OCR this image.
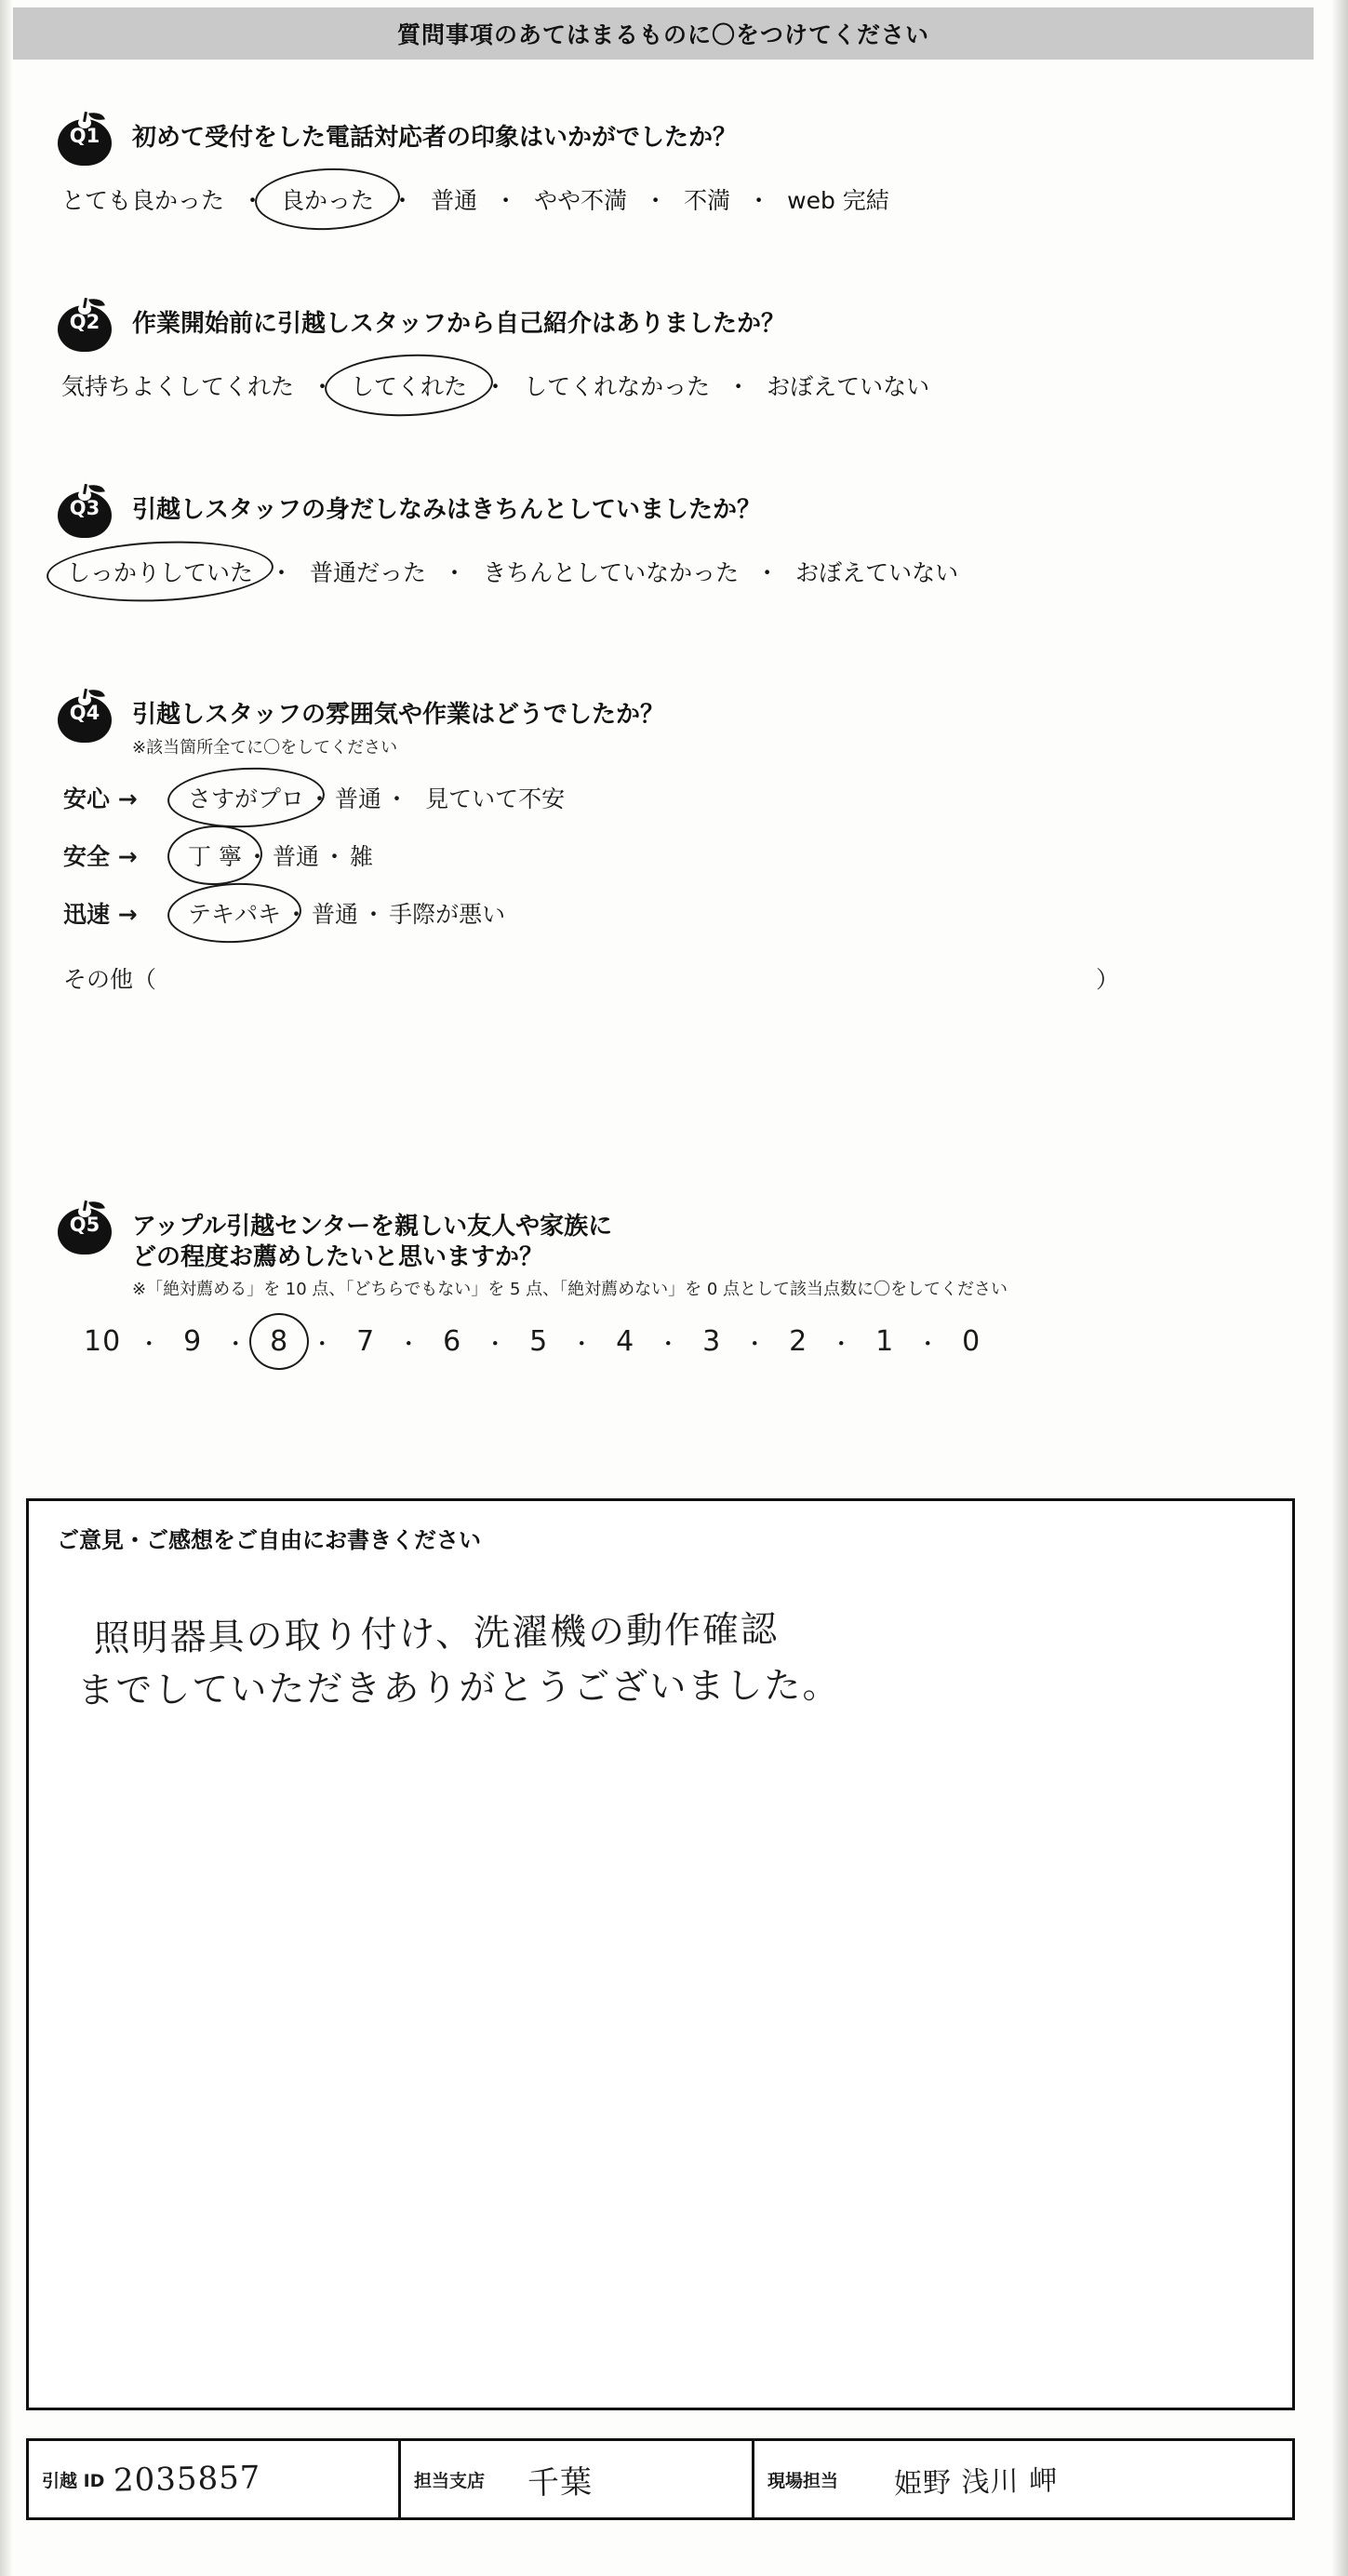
質問事項のあてはまるものに〇をつけてください
Q1	初めて受付をした電話対応者の印象はいかがでしたか？
とても良かった ・ 良かった ・ 普通 ・ やや不満 ・ 不満 ・ web 完結
Q2	作業開始前に引越しスタッフから自己紹介はありましたか？
気持ちよくしてくれた ・ してくれた ・ してくれなかった ・ おぼえていない
Q3	引越しスタッフの身だしなみはきちんとしていましたか？
しっかりしていた ・ 普通だった ・ きちんとしていなかった ・ おぼえていない
Q4	引越しスタッフの雰囲気や作業はどうでしたか？
※該当箇所全てに〇をしてください
安心 →	さすがプロ ・ 普通 ・ 見ていて不安
安全 →	丁 寧 ・ 普通 ・ 雑
迅速 →	テキパキ ・ 普通 ・ 手際が悪い
その他（	）
Q5	アップル引越センターを親しい友人や家族に
どの程度お薦めしたいと思いますか？
※「絶対薦める」を 10 点、「どちらでもない」を 5 点、「絶対薦めない」を 0 点として該当点数に〇をしてください
10 ・ 9 ・ 8 ・ 7 ・ 6 ・ 5 ・ 4 ・ 3 ・ 2 ・ 1 ・ 0
ご意見・ご感想をご自由にお書きください
照明器具の取り付け、洗濯機の動作確認
までしていただきありがとうございました。
引越 ID 2035857	担当支店 千葉	現場担当 姫野 浅川 岬
